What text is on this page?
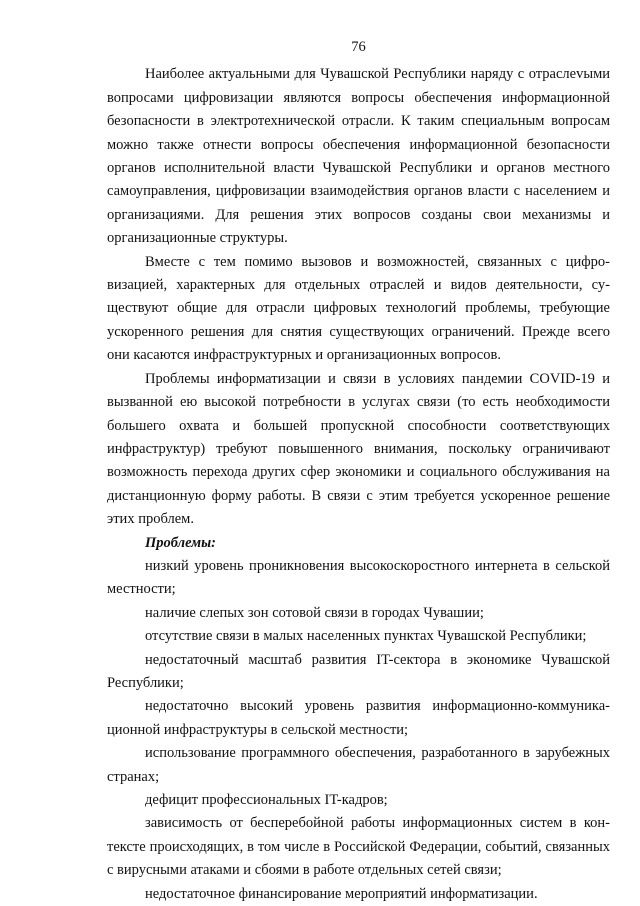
76

Наиболее актуальными для Чувашской Республики наряду с отраслеvыми вопросами цифровизации являются вопросы обеспечения информационной безопасности в электротехнической отрасли. К таким специальным вопросам можно также отнести вопросы обеспечения информационной безопасности органов исполнительной власти Чувашской Республики и органов местного самоуправления, цифровизации взаимодействия органов власти с населением и организациями. Для решения этих вопросов созданы свои механизмы и организационные структуры.

Вместе с тем помимо вызовов и возможностей, связанных с цифровизацией, характерных для отдельных отраслей и видов деятельности, существуют общие для отрасли цифровых технологий проблемы, требующие ускоренного решения для снятия существующих ограничений. Прежде всего они касаются инфраструктурных и организационных вопросов.

Проблемы информатизации и связи в условиях пандемии COVID-19 и вызванной ею высокой потребности в услугах связи (то есть необходимости большего охвата и большей пропускной способности соответствующих инфраструктур) требуют повышенного внимания, поскольку ограничивают возможность перехода других сфер экономики и социального обслуживания на дистанционную форму работы. В связи с этим требуется ускоренное решение этих проблем.

Проблемы:

низкий уровень проникновения высокоскоростного интернета в сельской местности;

наличие слепых зон сотовой связи в городах Чувашии;

отсутствие связи в малых населенных пунктах Чувашской Республики;

недостаточный масштаб развития IT-сектора в экономике Чувашской Республики;

недостаточно высокий уровень развития информационно-коммуникационной инфраструктуры в сельской местности;

использование программного обеспечения, разработанного в зарубежных странах;

дефицит профессиональных IT-кадров;

зависимость от бесперебойной работы информационных систем в контексте происходящих, в том числе в Российской Федерации, событий, связанных с вирусными атаками и сбоями в работе отдельных сетей связи;

недостаточное финансирование мероприятий информатизации.
